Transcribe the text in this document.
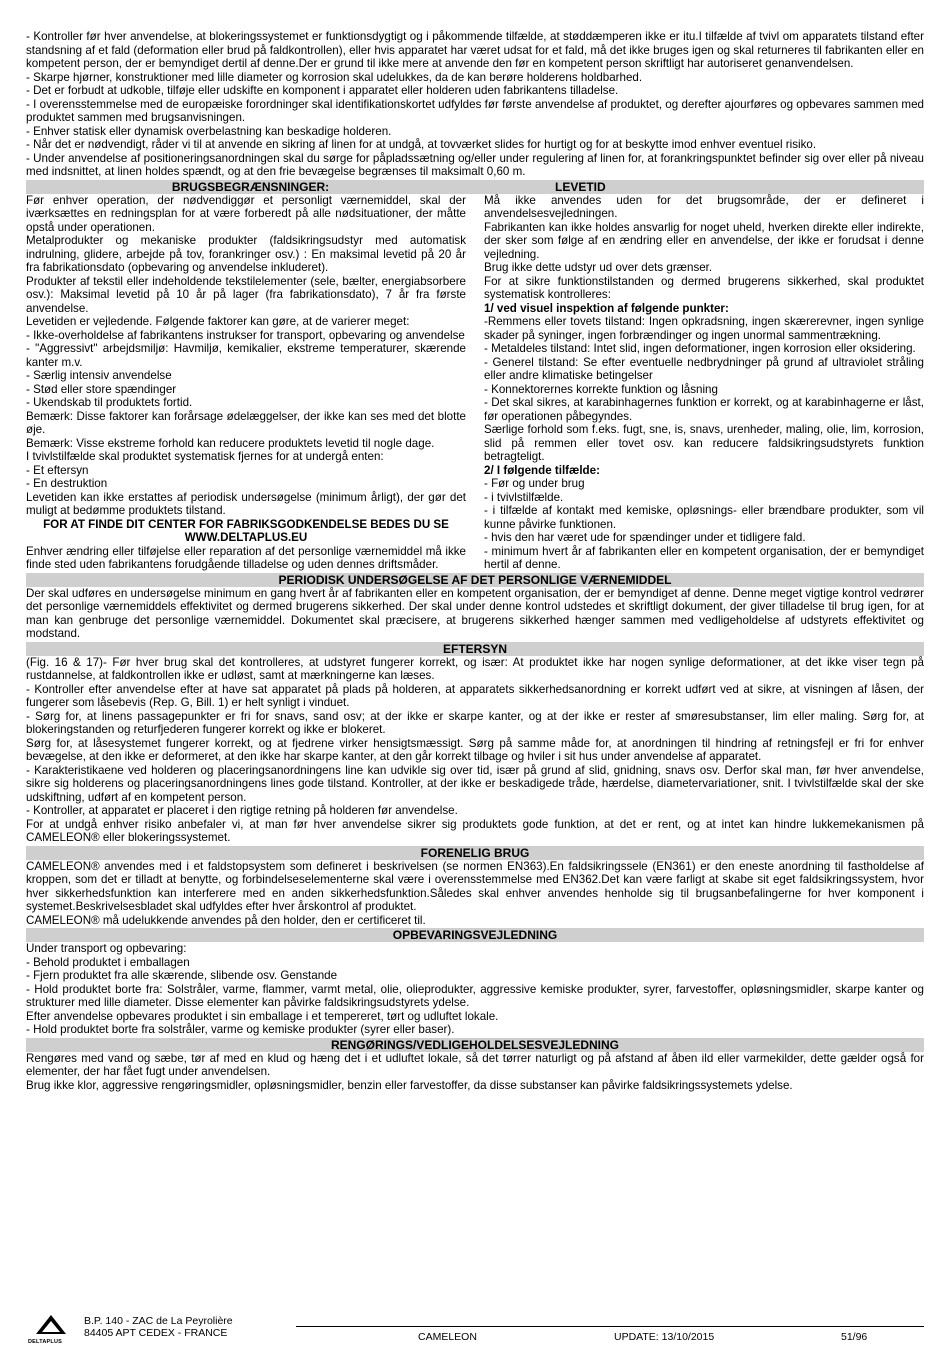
- Kontroller før hver anvendelse, at blokeringssystemet er funktionsdygtigt og i påkommende tilfælde, at støddæmperen ikke er itu.I tilfælde af tvivl om apparatets tilstand efter standsning af et fald (deformation eller brud på faldkontrollen), eller hvis apparatet har været udsat for et fald, må det ikke bruges igen og skal returneres til fabrikanten eller en kompetent person, der er bemyndiget dertil af denne.Der er grund til ikke mere at anvende den før en kompetent person skriftligt har autoriseret genanvendelsen.

- Skarpe hjørner, konstruktioner med lille diameter og korrosion skal udelukkes, da de kan berøre holderens holdbarhed.

- Det er forbudt at udkoble, tilføje eller udskifte en komponent i apparatet eller holderen uden fabrikantens tilladelse.

- I overensstemmelse med de europæiske forordninger skal identifikationskortet udfyldes før første anvendelse af produktet, og derefter ajourføres og opbevares sammen med produktet sammen med brugsanvisningen.

- Enhver statisk eller dynamisk overbelastning kan beskadige holderen.

- Når det er nødvendigt, råder vi til at anvende en sikring af linen for at undgå, at tovværket slides for hurtigt og for at beskytte imod enhver eventuel risiko.

- Under anvendelse af positioneringsanordningen skal du sørge for påpladssætning og/eller under regulering af linen for, at forankringspunktet befinder sig over eller på niveau med indsnittet, at linen holdes spændt, og at den frie bevægelse begrænses til maksimalt 0,60 m.

BRUGSBEGRÆNSNINGER:	LEVETID

Før enhver operation, der nødvendiggør et personligt værnemiddel, skal der iværksættes en redningsplan for at være forberedt på alle nødsituationer, der måtte opstå under operationen.

Metalprodukter og mekaniske produkter (faldsikringsudstyr med automatisk indrulning, glidere, arbejde på tov, forankringer osv.) : En maksimal levetid på 20 år fra fabrikationsdato (opbevaring og anvendelse inkluderet).

Produkter af tekstil eller indeholdende tekstilelementer (sele, bælter, energiabsorbere osv.): Maksimal levetid på 10 år på lager (fra fabrikationsdato), 7 år fra første anvendelse.

Levetiden er vejledende. Følgende faktorer kan gøre, at de varierer meget:

- Ikke-overholdelse af fabrikantens instrukser for transport, opbevaring og anvendelse

- "Aggressivt" arbejdsmiljø: Havmiljø, kemikalier, ekstreme temperaturer, skærende kanter m.v.

- Særlig intensiv anvendelse

- Stød eller store spændinger

- Ukendskab til produktets fortid.

Bemærk: Disse faktorer kan forårsage ødelæggelser, der ikke kan ses med det blotte øje.

Bemærk: Visse ekstreme forhold kan reducere produktets levetid til nogle dage.

I tvivlstilfælde skal produktet systematisk fjernes for at undergå enten:

- Et eftersyn

- En destruktion

Levetiden kan ikke erstattes af periodisk undersøgelse (minimum årligt), der gør det muligt at bedømme produktets tilstand.

FOR AT FINDE DIT CENTER FOR FABRIKSGODKENDELSE BEDES DU SE WWW.DELTAPLUS.EU

Enhver ændring eller tilføjelse eller reparation af det personlige værnemiddel må ikke finde sted uden fabrikantens forudgående tilladelse og uden dennes driftsmåder.

Må ikke anvendes uden for det brugsområde, der er defineret i anvendelsesvejledningen.

Fabrikanten kan ikke holdes ansvarlig for noget uheld, hverken direkte eller indirekte, der sker som følge af en ændring eller en anvendelse, der ikke er forudsat i denne vejledning.

Brug ikke dette udstyr ud over dets grænser.

For at sikre funktionstilstanden og dermed brugerens sikkerhed, skal produktet systematisk kontrolleres:

1/ ved visuel inspektion af følgende punkter:

-Remmens eller tovets tilstand: Ingen opkradsning, ingen skærerevner, ingen synlige skader på syninger, ingen forbrændinger og ingen unormal sammentrækning.

- Metaldeles tilstand: Intet slid, ingen deformationer, ingen korrosion eller oksidering.

- Generel tilstand: Se efter eventuelle nedbrydninger på grund af ultraviolet stråling eller andre klimatiske betingelser

- Konnektorernes korrekte funktion og låsning

- Det skal sikres, at karabinhagernes funktion er korrekt, og at karabinhagerne er låst, før operationen påbegyndes.

Særlige forhold som f.eks. fugt, sne, is, snavs, urenheder, maling, olie, lim, korrosion, slid på remmen eller tovet osv. kan reducere faldsikringsudstyrets funktion betragteligt.

2/ I følgende tilfælde:

- Før og under brug

- i tvivlstilfælde.

- i tilfælde af kontakt med kemiske, opløsnings- eller brændbare produkter, som vil kunne påvirke funktionen.

- hvis den har været ude for spændinger under et tidligere fald.

- minimum hvert år af fabrikanten eller en kompetent organisation, der er bemyndiget hertil af denne.

PERIODISK UNDERSØGELSE AF DET PERSONLIGE VÆRNEMIDDEL

Der skal udføres en undersøgelse minimum en gang hvert år af fabrikanten eller en kompetent organisation, der er bemyndiget af denne. Denne meget vigtige kontrol vedrører det personlige værnemiddels effektivitet og dermed brugerens sikkerhed. Der skal under denne kontrol udstedes et skriftligt dokument, der giver tilladelse til brug igen, for at man kan genbruge det personlige værnemiddel. Dokumentet skal præcisere, at brugerens sikkerhed hænger sammen med vedligeholdelse af udstyrets effektivitet og modstand.

EFTERSYN

(Fig. 16 & 17)- Før hver brug skal det kontrolleres, at udstyret fungerer korrekt, og især: At produktet ikke har nogen synlige deformationer, at det ikke viser tegn på rustdannelse, at faldkontrollen ikke er udløst, samt at mærkningerne kan læses.

- Kontroller efter anvendelse efter at have sat apparatet på plads på holderen, at apparatets sikkerhedsanordning er korrekt udført ved at sikre, at visningen af låsen, der fungerer som låsebevis (Rep. G, Bill. 1) er helt synligt i vinduet.

- Sørg for, at linens passagepunkter er fri for snavs, sand osv; at der ikke er skarpe kanter, og at der ikke er rester af smøresubstanser, lim eller maling. Sørg for, at blokeringstanden og returfjederen fungerer korrekt og ikke er blokeret.

Sørg for, at låsesystemet fungerer korrekt, og at fjedrene virker hensigtsmæssigt. Sørg på samme måde for, at anordningen til hindring af retningsfejl er fri for enhver bevægelse, at den ikke er deformeret, at den ikke har skarpe kanter, at den går korrekt tilbage og hviler i sit hus under anvendelse af apparatet.

- Karakteristikaene ved holderen og placeringsanordningens line kan udvikle sig over tid, især på grund af slid, gnidning, snavs osv. Derfor skal man, før hver anvendelse, sikre sig holderens og placeringsanordningens lines gode tilstand. Kontroller, at der ikke er beskadigede tråde, hærdelse, diametervariationer, snit. I tvivlstilfælde skal der ske udskiftning, udført af en kompetent person.

- Kontroller, at apparatet er placeret i den rigtige retning på holderen før anvendelse.

For at undgå enhver risiko anbefaler vi, at man før hver anvendelse sikrer sig produktets gode funktion, at det er rent, og at intet kan hindre lukkemekanismen på CAMELEON® eller blokeringssystemet.

FORENELIG BRUG

CAMELEON® anvendes med i et faldstopsystem som defineret i beskrivelsen (se normen EN363).En faldsikringssele (EN361) er den eneste anordning til fastholdelse af kroppen, som det er tilladt at benytte, og forbindelseselementerne skal være i overensstemmelse med EN362.Det kan være farligt at skabe sit eget faldsikringssystem, hvor hver sikkerhedsfunktion kan interferere med en anden sikkerhedsfunktion.Således skal enhver anvendes henholde sig til brugsanbefalingerne for hver komponent i systemet.Beskrivelsesbladet skal udfyldes efter hver årskontrol af produktet.

CAMELEON® må udelukkende anvendes på den holder, den er certificeret til.

OPBEVARINGSVEJLEDNING

Under transport og opbevaring:

- Behold produktet i emballagen

- Fjern produktet fra alle skærende, slibende osv. Genstande

- Hold produktet borte fra: Solstråler, varme, flammer, varmt metal, olie, olieprodukter, aggressive kemiske produkter, syrer, farvestoffer, opløsningsmidler, skarpe kanter og strukturer med lille diameter. Disse elementer kan påvirke faldsikringsudstyrets ydelse.

Efter anvendelse opbevares produktet i sin emballage i et tempereret, tørt og udluftet lokale.

- Hold produktet borte fra solstråler, varme og kemiske produkter (syrer eller baser).

RENGØRINGS/VEDLIGEHOLDELSESVEJLEDNING

Rengøres med vand og sæbe, tør af med en klud og hæng det i et udluftet lokale, så det tørrer naturligt og på afstand af åben ild eller varmekilder, dette gælder også for elementer, der har fået fugt under anvendelsen.

Brug ikke klor, aggressive rengøringsmidler, opløsningsmidler, benzin eller farvestoffer, da disse substanser kan påvirke faldsikringssystemets ydelse.

DELTAPLUS
B.P. 140 - ZAC de La Peyrolière
84405 APT CEDEX - FRANCE	CAMELEON	UPDATE: 13/10/2015	51/96
